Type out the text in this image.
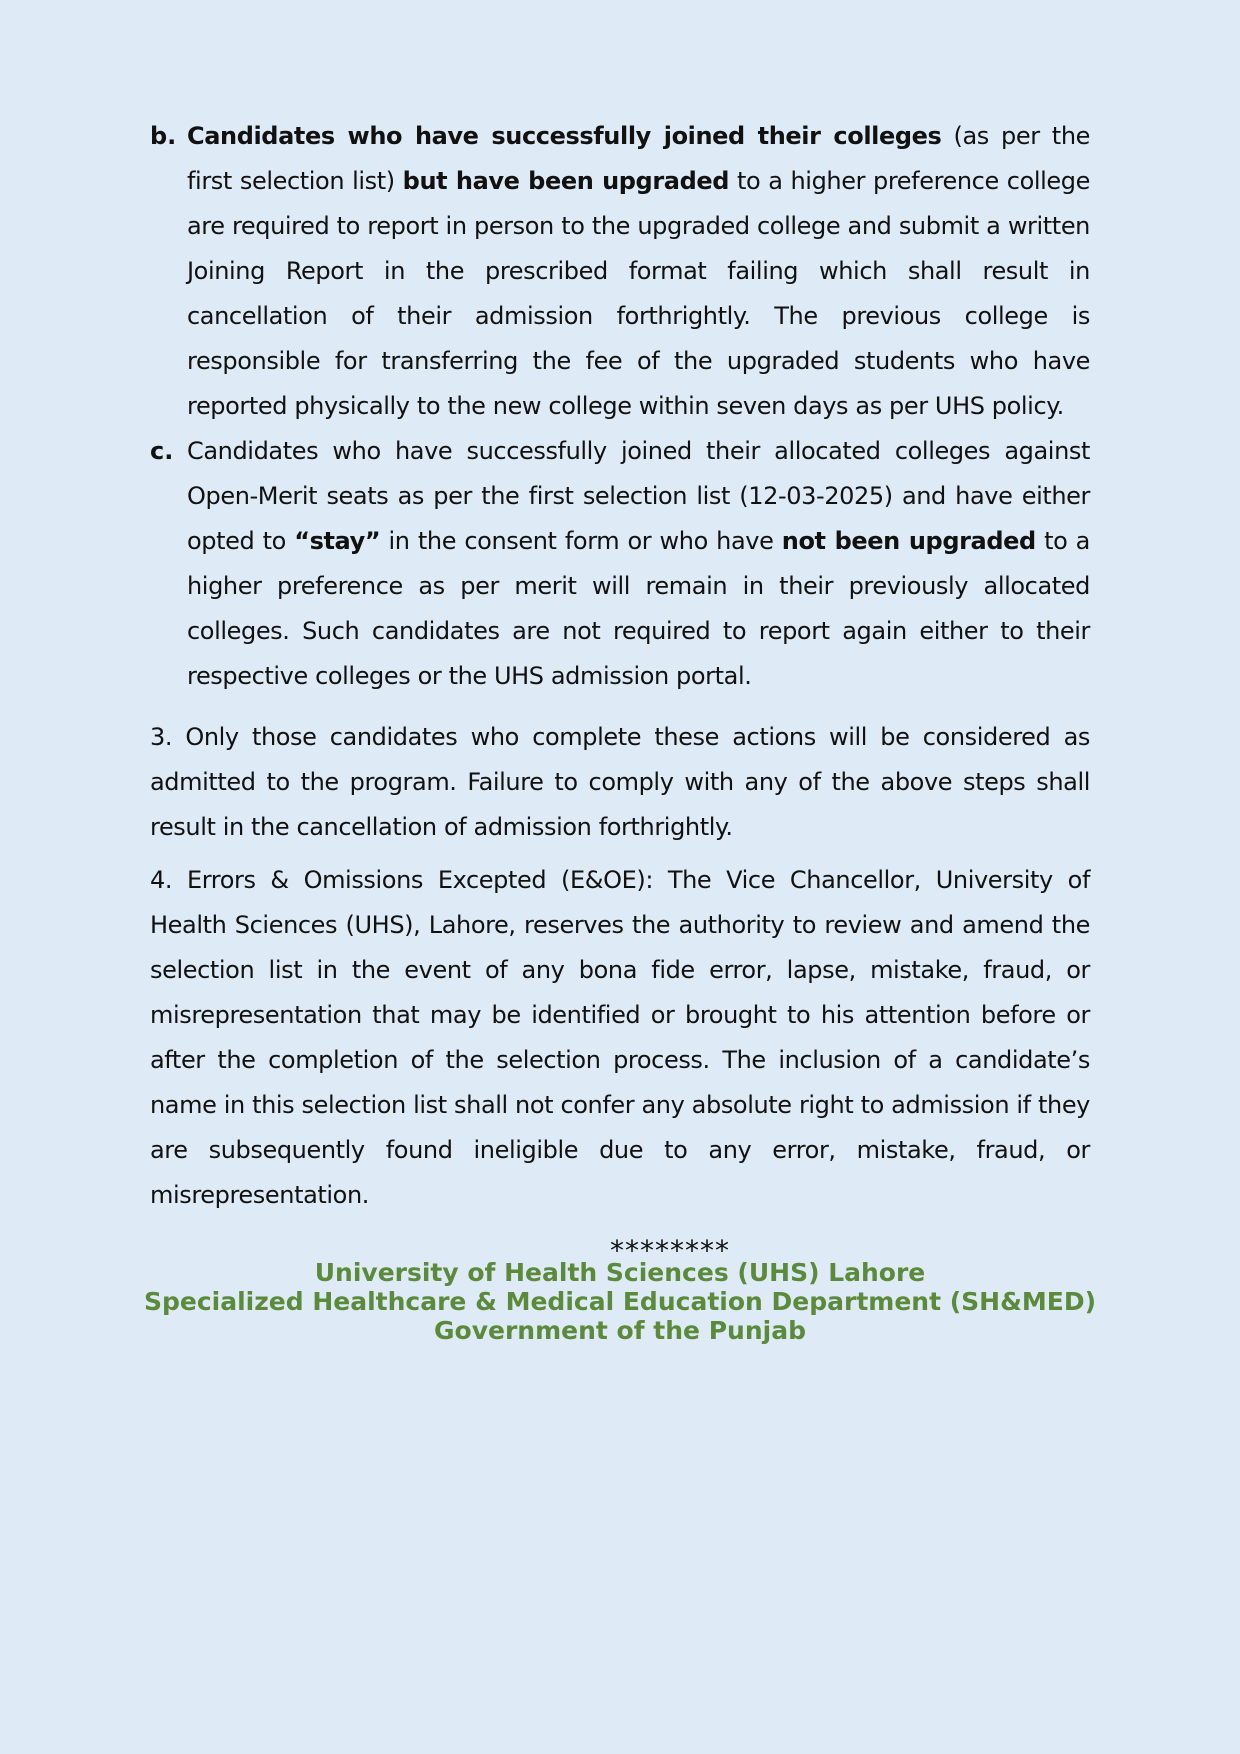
b. Candidates who have successfully joined their colleges (as per the first selection list) but have been upgraded to a higher preference college are required to report in person to the upgraded college and submit a written Joining Report in the prescribed format failing which shall result in cancellation of their admission forthrightly. The previous college is responsible for transferring the fee of the upgraded students who have reported physically to the new college within seven days as per UHS policy.
c. Candidates who have successfully joined their allocated colleges against Open-Merit seats as per the first selection list (12-03-2025) and have either opted to “stay” in the consent form or who have not been upgraded to a higher preference as per merit will remain in their previously allocated colleges. Such candidates are not required to report again either to their respective colleges or the UHS admission portal.
3. Only those candidates who complete these actions will be considered as admitted to the program. Failure to comply with any of the above steps shall result in the cancellation of admission forthrightly.
4. Errors & Omissions Excepted (E&OE): The Vice Chancellor, University of Health Sciences (UHS), Lahore, reserves the authority to review and amend the selection list in the event of any bona fide error, lapse, mistake, fraud, or misrepresentation that may be identified or brought to his attention before or after the completion of the selection process. The inclusion of a candidate’s name in this selection list shall not confer any absolute right to admission if they are subsequently found ineligible due to any error, mistake, fraud, or misrepresentation.
********
University of Health Sciences (UHS) Lahore
Specialized Healthcare & Medical Education Department (SH&MED)
Government of the Punjab
